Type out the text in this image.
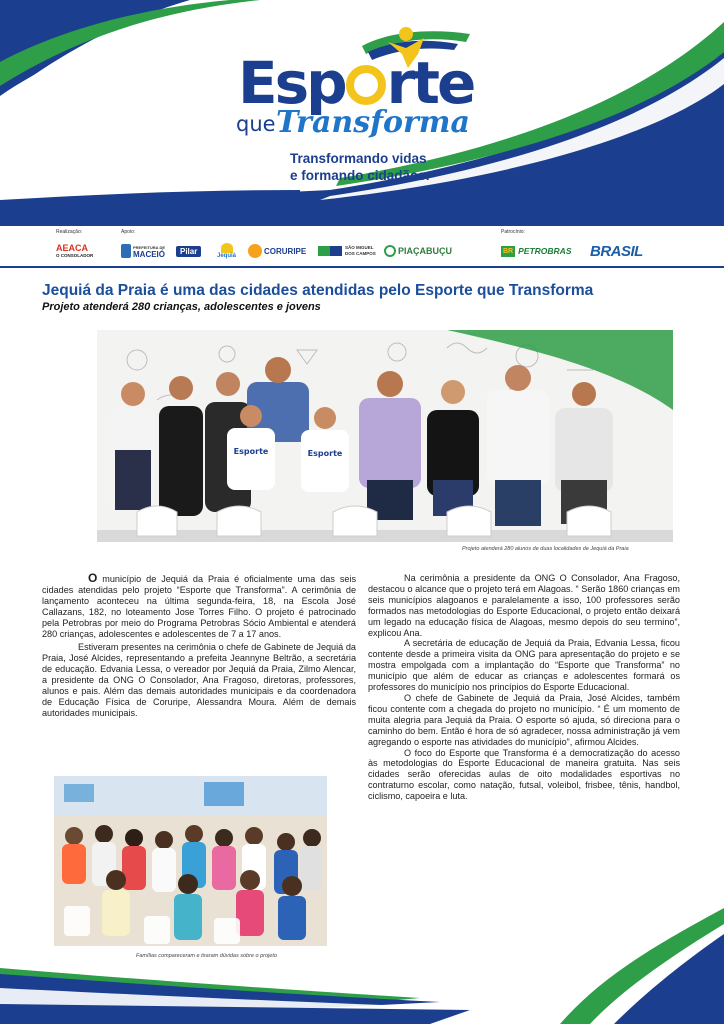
Esp rte
que Transforma
Transformando vidas
e formando cidadãos.
Realização:	Apoio:	Patrocínio:
AEACA
O CONSOLADOR
PREFEITURA DE
MACEIÓ	Pilar	Jequiá	CORURIPE	SÃO MIGUEL
DOS CAMPOS PIAÇABUÇU	BR PETROBRAS BRASIL
Jequiá da Praia é uma das cidades atendidas pelo Esporte que Transforma
Projeto atenderá 280 crianças, adolescentes e jovens
Esporte	Esporte
Projeto atenderá 280 alunos de duas localidades de Jequiá da Praia

O município de Jequiá da Praia é oficialmente uma das seis cidades atendidas pelo projeto “Esporte que Transforma”. A cerimônia de lançamento aconteceu na última segunda-feira, 18, na Escola José Callazans, 182, no loteamento Jose Torres Filho. O projeto é patrocinado pela Petrobras por meio do Programa Petrobras Sócio Ambiental e atenderá 280 crianças, adolescentes e adolescentes de 7 a 17 anos.

Estiveram presentes na cerimônia o chefe de Gabinete de Jequiá da Praia, José Alcides, representando a prefeita Jeannyne Beltrão, a secretária de educação. Edvania Lessa, o vereador por Jequiá da Praia, Zilmo Alencar, a presidente da ONG O Consolador, Ana Fragoso, diretoras, professores, alunos e pais. Além das demais autoridades municipais e da coordenadora de Educação Física de Coruripe, Alessandra Moura. Além de demais autoridades municipais.

Famílias compareceram e tiraram dúvidas sobre o projeto

Na cerimônia a presidente da ONG O Consolador, Ana Fragoso, destacou o alcance que o projeto terá em Alagoas. “ Serão 1860 crianças em seis municípios alagoanos e paralelamente a isso, 100 professores serão formados nas metodologias do Esporte Educacional, o projeto então deixará um legado na educação física de Alagoas, mesmo depois do seu termino”, explicou Ana.

A secretária de educação de Jequiá da Praia, Edvania Lessa, ficou contente desde a primeira visita da ONG para apresentação do projeto e se mostra empolgada com a implantação do “Esporte que Transforma” no município que além de educar as crianças e adolescentes formará os professores do município nos princípios do Esporte Educacional.

O chefe de Gabinete de Jequiá da Praia, José Alcides, também ficou contente com a chegada do projeto no município. “ É um momento de muita alegria para Jequiá da Praia. O esporte só ajuda, só direciona para o caminho do bem. Então é hora de só agradecer, nossa administração já vem agregando o esporte nas atividades do município”, afirmou Alcides.

O foco do Esporte que Transforma é a democratização do acesso às metodologias do Esporte Educacional de maneira gratuita. Nas seis cidades serão oferecidas aulas de oito modalidades esportivas no contraturno escolar, como natação, futsal, voleibol, frisbee, tênis, handbol, ciclismo, capoeira e luta.
